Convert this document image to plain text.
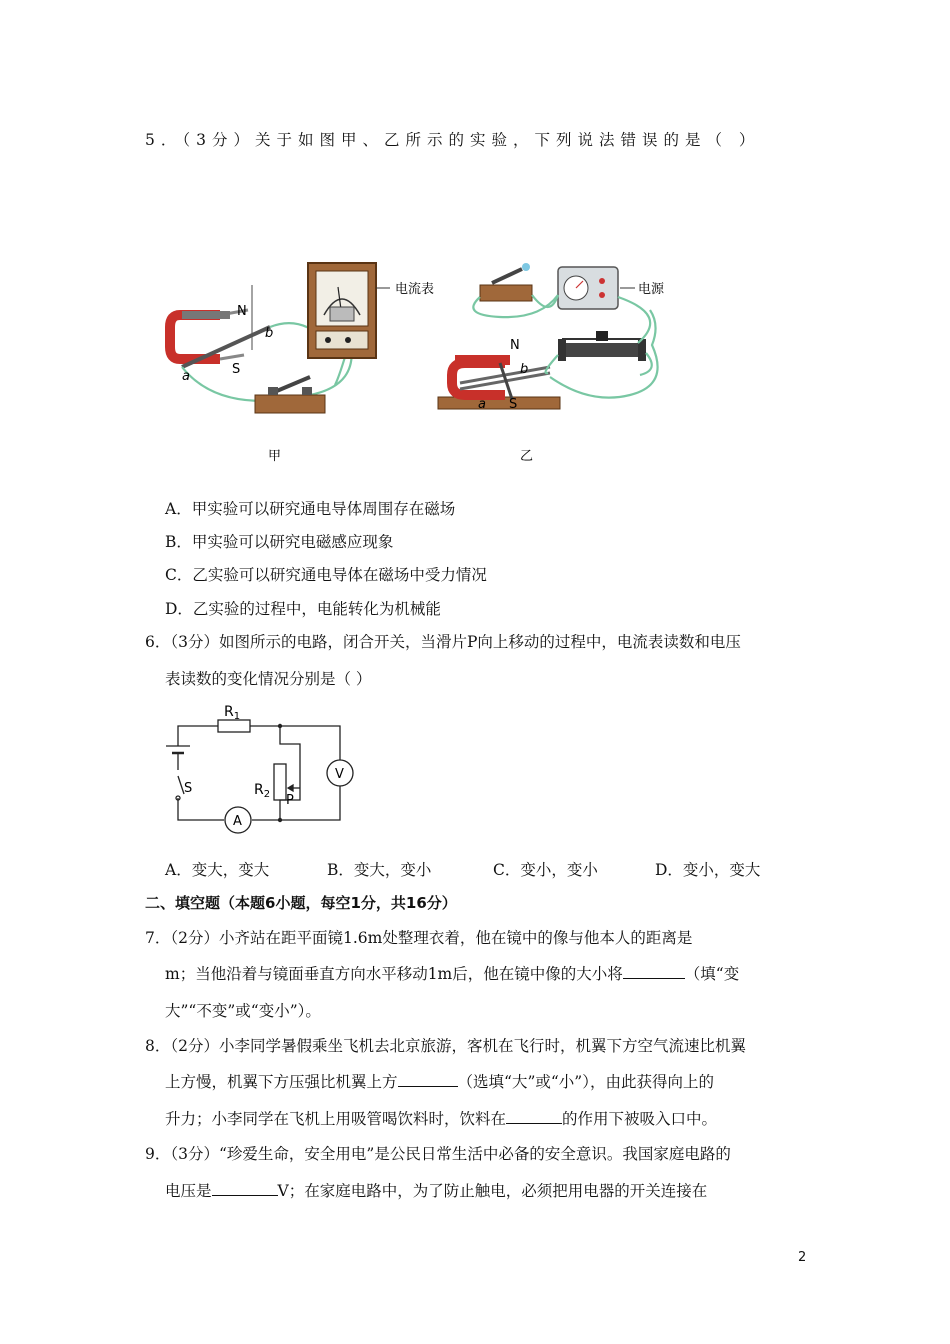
5．（3分）关于如图甲、乙所示的实验，下列说法错误的是（ ）
N
S
a
b
电流表
甲
N
S
a
b
电源
乙
A．甲实验可以研究通电导体周围存在磁场
B．甲实验可以研究电磁感应现象
C．乙实验可以研究通电导体在磁场中受力情况
D．乙实验的过程中，电能转化为机械能
6．（3分）如图所示的电路，闭合开关，当滑片P向上移动的过程中，电流表读数和电压
表读数的变化情况分别是（ ）
$R_1$
$R_2$ P
S
A
V
A．变大，变大	B．变大，变小	C．变小，变小	D．变小，变大
二、填空题（本题6小题，每空1分，共16分）
7．（2分）小齐站在距平面镜1.6m处整理衣着，他在镜中的像与他本人的距离是
m；当他沿着与镜面垂直方向水平移动1m后，他在镜中像的大小将	（填“变
大”“不变”或“变小”）。
8．（2分）小李同学暑假乘坐飞机去北京旅游，客机在飞行时，机翼下方空气流速比机翼
上方慢，机翼下方压强比机翼上方	（选填“大”或“小”），由此获得向上的
升力；小李同学在飞机上用吸管喝饮料时，饮料在	的作用下被吸入口中。
9．（3分）“珍爱生命，安全用电”是公民日常生活中必备的安全意识。我国家庭电路的
电压是	V；在家庭电路中，为了防止触电，必须把用电器的开关连接在
2
